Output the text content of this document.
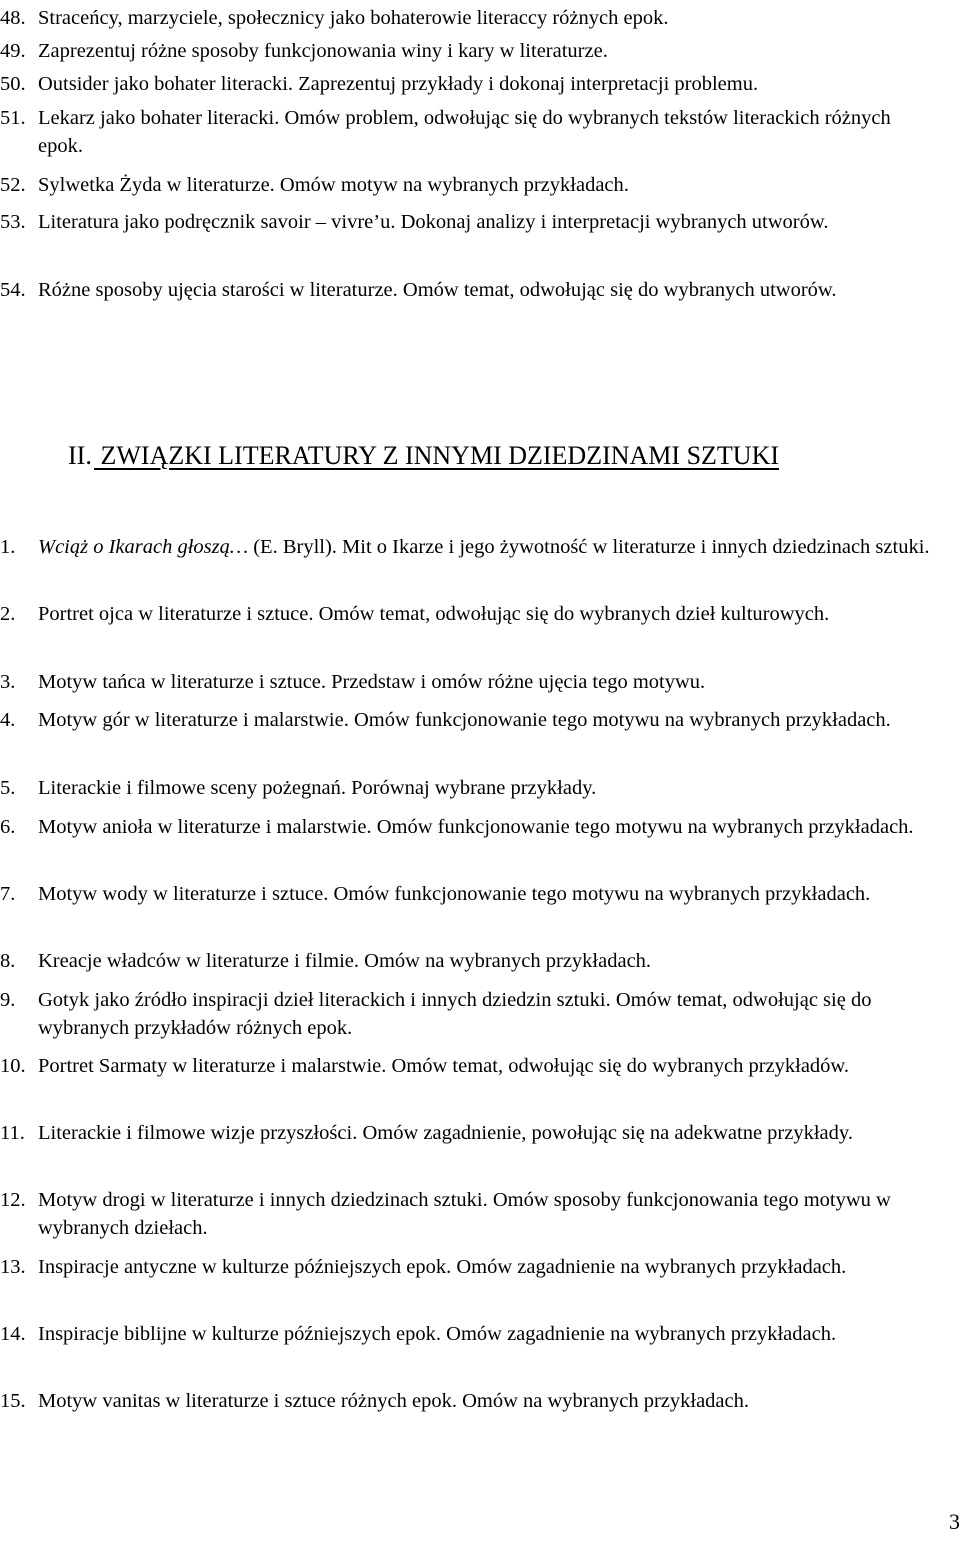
48. Straceńcy, marzyciele, społecznicy jako bohaterowie literaccy różnych epok.
49. Zaprezentuj różne sposoby funkcjonowania winy i kary w literaturze.
50. Outsider jako bohater literacki. Zaprezentuj przykłady i dokonaj interpretacji problemu.
51. Lekarz jako bohater literacki. Omów problem, odwołując się do wybranych tekstów literackich różnych epok.
52. Sylwetka Żyda w literaturze. Omów motyw na wybranych przykładach.
53. Literatura jako podręcznik savoir – vivre’u. Dokonaj analizy i interpretacji wybranych utworów.
54. Różne sposoby ujęcia starości w literaturze. Omów temat, odwołując się do wybranych utworów.
II. ZWIĄZKI LITERATURY Z INNYMI DZIEDZINAMI SZTUKI
1.	Wciąż o Ikarach głoszą… (E. Bryll). Mit o Ikarze i jego żywotność w literaturze i innych dziedzinach sztuki.
2.	Portret ojca w literaturze i sztuce. Omów temat, odwołując się do wybranych dzieł kulturowych.
3.	Motyw tańca w literaturze i sztuce. Przedstaw i omów różne ujęcia tego motywu.
4.	Motyw gór w literaturze i malarstwie. Omów funkcjonowanie tego motywu na wybranych przykładach.
5.	Literackie i filmowe sceny pożegnań. Porównaj wybrane przykłady.
6.	Motyw anioła w literaturze i malarstwie. Omów funkcjonowanie tego motywu na wybranych przykładach.
7.	Motyw wody w literaturze i sztuce. Omów funkcjonowanie tego motywu na wybranych przykładach.
8.	Kreacje władców w literaturze i filmie. Omów na wybranych przykładach.
9.	Gotyk jako źródło inspiracji dzieł literackich i innych dziedzin sztuki. Omów temat, odwołując się do wybranych przykładów różnych epok.
10. Portret Sarmaty w literaturze i malarstwie. Omów temat, odwołując się do wybranych przykładów.
11. Literackie i filmowe wizje przyszłości. Omów zagadnienie, powołując się na adekwatne przykłady.
12. Motyw drogi w literaturze i innych dziedzinach sztuki. Omów sposoby funkcjonowania tego motywu w wybranych dziełach.
13. Inspiracje antyczne w kulturze późniejszych epok. Omów zagadnienie na wybranych przykładach.
14. Inspiracje biblijne w kulturze późniejszych epok. Omów zagadnienie na wybranych przykładach.
15. Motyw vanitas w literaturze i sztuce różnych epok. Omów na wybranych przykładach.
3
